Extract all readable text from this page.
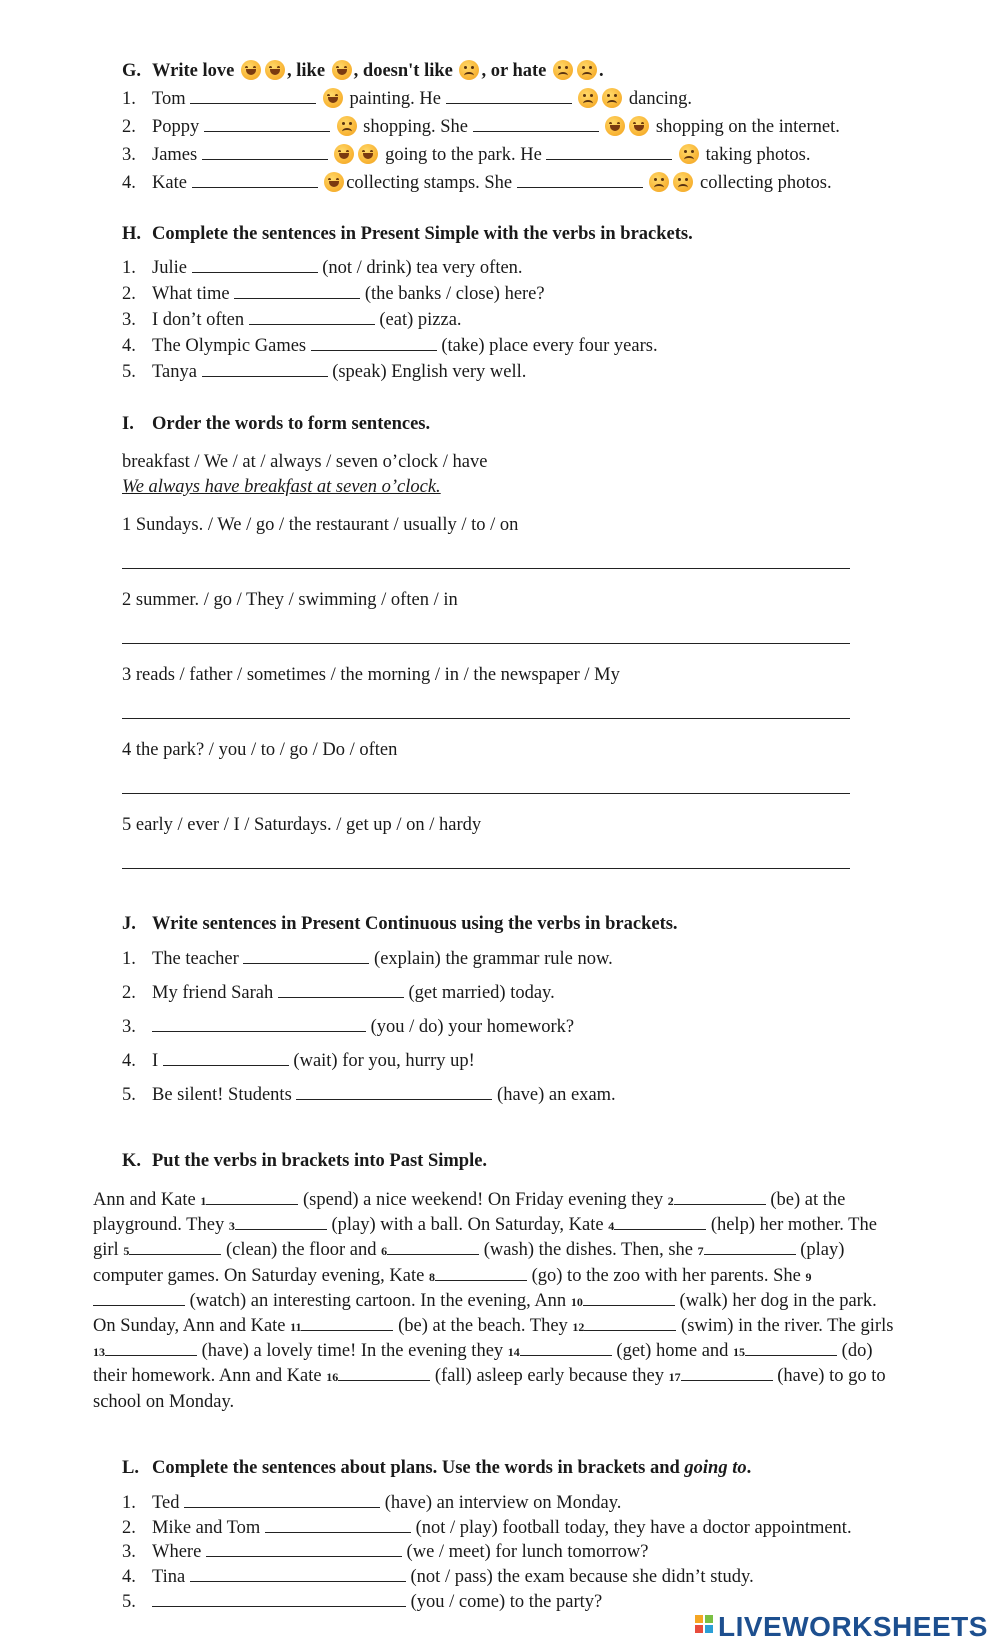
G. Write love	, like , doesn't like , or hate	.
1. Tom	painting. He	dancing.
2. Poppy	shopping. She	shopping on the internet.
3. James	going to the park. He	taking photos.
4. Kate	collecting stamps. She	collecting photos.
H. Complete the sentences in Present Simple with the verbs in brackets.
1. Julie	(not / drink) tea very often.
2. What time	(the banks / close) here?
3. I don’t often	(eat) pizza.
4. The Olympic Games	(take) place every four years.
5. Tanya	(speak) English very well.
I. Order the words to form sentences.
breakfast / We / at / always / seven o’clock / have
We always have breakfast at seven o’clock.
1 Sundays. / We / go / the restaurant / usually / to / on
2 summer. / go / They / swimming / often / in
3 reads / father / sometimes / the morning / in / the newspaper / My
4 the park? / you / to / go / Do / often
5 early / ever / I / Saturdays. / get up / on / hardy
J. Write sentences in Present Continuous using the verbs in brackets.
1. The teacher	(explain) the grammar rule now.
2. My friend Sarah	(get married) today.
3.	(you / do) your homework?
4. I	(wait) for you, hurry up!
5. Be silent! Students	(have) an exam.
K. Put the verbs in brackets into Past Simple.
Ann and Kate 1	(spend) a nice weekend! On Friday evening they 2	(be) at the playground. They 3	(play) with a ball. On Saturday, Kate 4	(help) her mother. The girl 5	(clean) the floor and 6	(wash) the dishes. Then, she 7	(play) computer games. On Saturday evening, Kate 8	(go) to the zoo with her parents. She 9 (watch) an interesting cartoon. In the evening, Ann 10	(walk) her dog in the park. On Sunday, Ann and Kate 11	(be) at the beach. They 12	(swim) in the river. The girls 13	(have) a lovely time! In the evening they 14	(get) home and 15	(do) their homework. Ann and Kate 16	(fall) asleep early because they 17	(have) to go to school on Monday.
L. Complete the sentences about plans. Use the words in brackets and going to.
1. Ted	(have) an interview on Monday.
2. Mike and Tom	(not / play) football today, they have a doctor appointment.
3. Where	(we / meet) for lunch tomorrow?
4. Tina	(not / pass) the exam because she didn’t study.
5.	(you / come) to the party?
LIVEWORKSHEETS
